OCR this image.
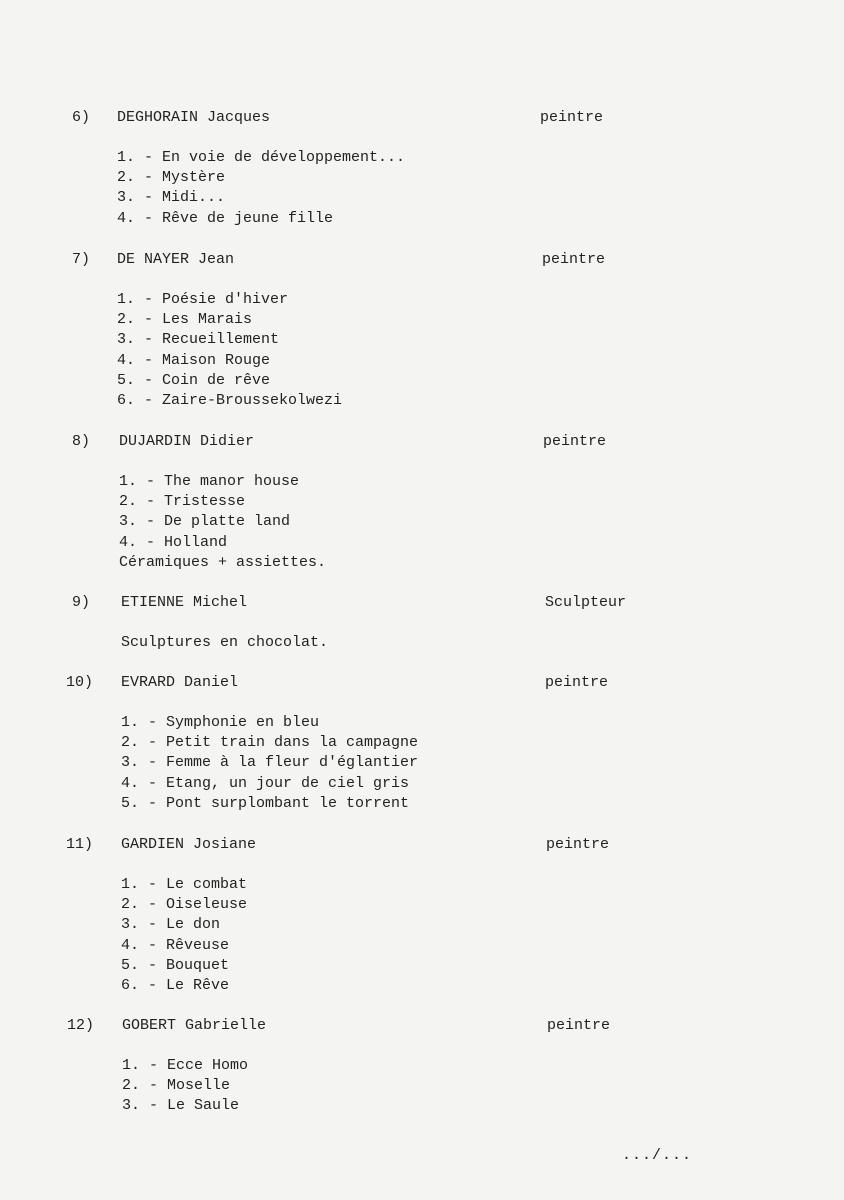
6) DEGHORAIN Jacques	peintre
1. - En voie de développement...
2. - Mystère
3. - Midi...
4. - Rêve de jeune fille
7) DE NAYER Jean	peintre
1. - Poésie d'hiver
2. - Les Marais
3. - Recueillement
4. - Maison Rouge
5. - Coin de rêve
6. - Zaire-Broussekolwezi
8) DUJARDIN Didier	peintre
1. - The manor house
2. - Tristesse
3. - De platte land
4. - Holland
Céramiques + assiettes.
9) ETIENNE Michel	Sculpteur
Sculptures en chocolat.
10) EVRARD Daniel	peintre
1. - Symphonie en bleu
2. - Petit train dans la campagne
3. - Femme à la fleur d'églantier
4. - Etang, un jour de ciel gris
5. - Pont surplombant le torrent
11) GARDIEN Josiane	peintre
1. - Le combat
2. - Oiseleuse
3. - Le don
4. - Rêveuse
5. - Bouquet
6. - Le Rêve
12) GOBERT Gabrielle	peintre
1. - Ecce Homo
2. - Moselle
3. - Le Saule
.../...
